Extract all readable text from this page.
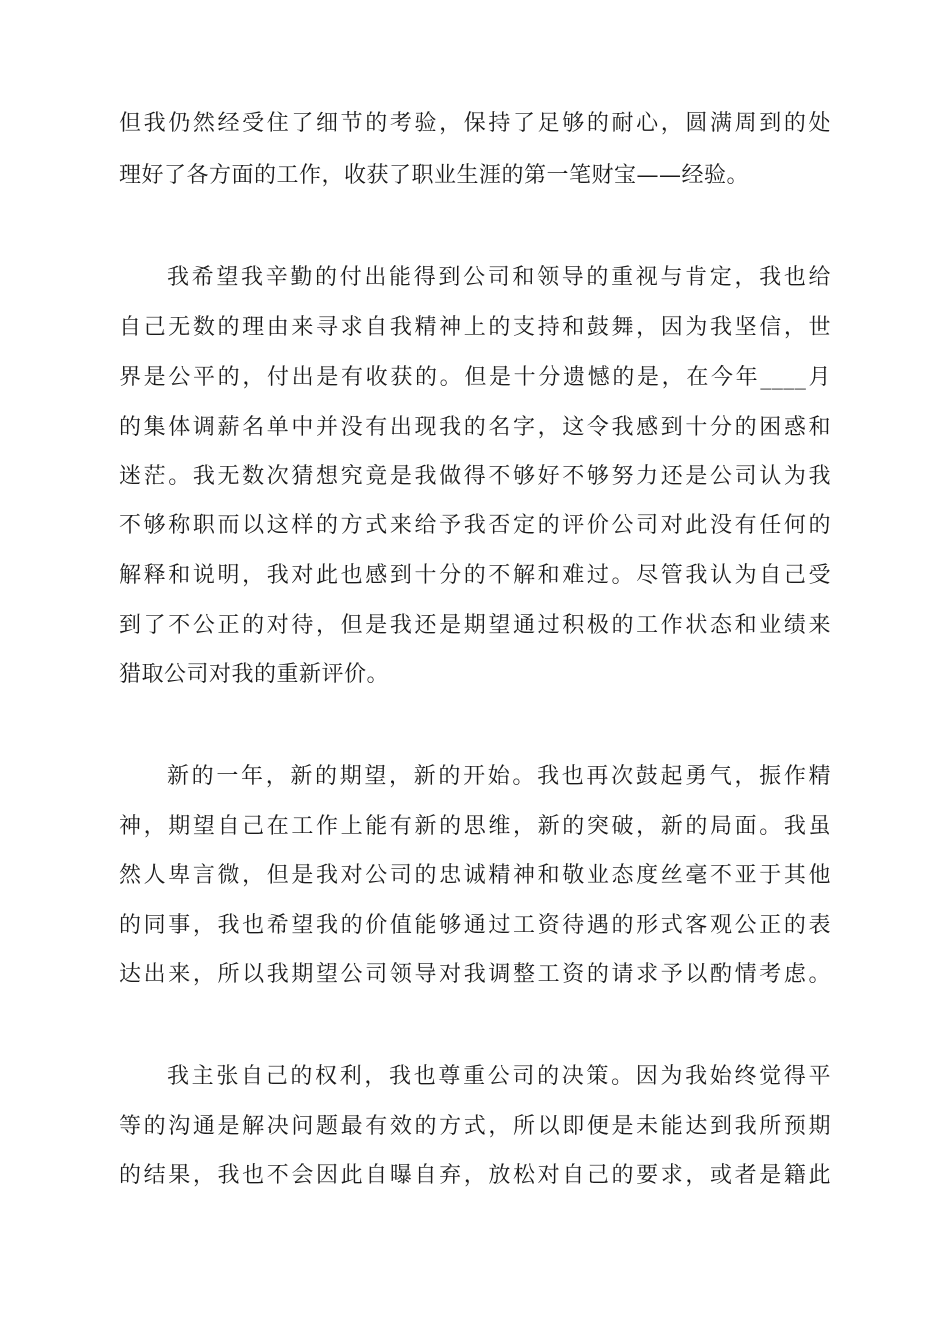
但我仍然经受住了细节的考验，保持了足够的耐心，圆满周到的处
理好了各方面的工作，收获了职业生涯的第一笔财宝——经验。
我希望我辛勤的付出能得到公司和领导的重视与肯定，我也给
自己无数的理由来寻求自我精神上的支持和鼓舞，因为我坚信，世
界是公平的，付出是有收获的。但是十分遗憾的是，在今年____月
的集体调薪名单中并没有出现我的名字，这令我感到十分的困惑和
迷茫。我无数次猜想究竟是我做得不够好不够努力还是公司认为我
不够称职而以这样的方式来给予我否定的评价公司对此没有任何的
解释和说明，我对此也感到十分的不解和难过。尽管我认为自己受
到了不公正的对待，但是我还是期望通过积极的工作状态和业绩来
猎取公司对我的重新评价。
新的一年，新的期望，新的开始。我也再次鼓起勇气，振作精
神，期望自己在工作上能有新的思维，新的突破，新的局面。我虽
然人卑言微，但是我对公司的忠诚精神和敬业态度丝毫不亚于其他
的同事，我也希望我的价值能够通过工资待遇的形式客观公正的表
达出来，所以我期望公司领导对我调整工资的请求予以酌情考虑。
我主张自己的权利，我也尊重公司的决策。因为我始终觉得平
等的沟通是解决问题最有效的方式，所以即便是未能达到我所预期
的结果，我也不会因此自曝自弃，放松对自己的要求，或者是籍此
